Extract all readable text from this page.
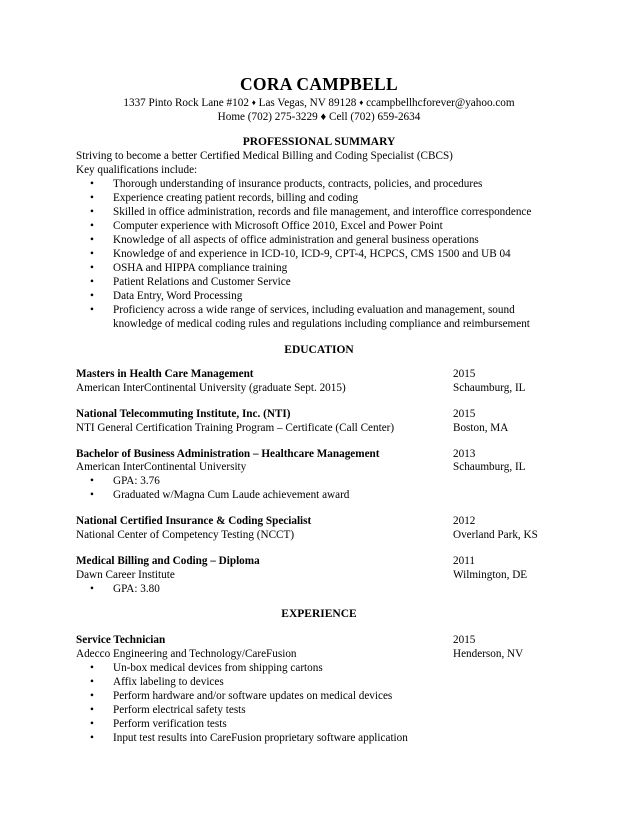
CORA CAMPBELL
1337 Pinto Rock Lane #102 ♦ Las Vegas, NV 89128 ♦ ccampbellhcforever@yahoo.com
Home (702) 275-3229 ♦ Cell (702) 659-2634
PROFESSIONAL SUMMARY
Striving to become a better Certified Medical Billing and Coding Specialist (CBCS)
Key qualifications include:
• Thorough understanding of insurance products, contracts, policies, and procedures
• Experience creating patient records, billing and coding
• Skilled in office administration, records and file management, and interoffice correspondence
• Computer experience with Microsoft Office 2010, Excel and Power Point
• Knowledge of all aspects of office administration and general business operations
• Knowledge of and experience in ICD-10, ICD-9, CPT-4, HCPCS, CMS 1500 and UB 04
• OSHA and HIPPA compliance training
• Patient Relations and Customer Service
• Data Entry, Word Processing
• Proficiency across a wide range of services, including evaluation and management, sound
knowledge of medical coding rules and regulations including compliance and reimbursement
EDUCATION
Masters in Health Care Management	2015
American InterContinental University (graduate Sept. 2015)	Schaumburg, IL
National Telecommuting Institute, Inc. (NTI)	2015
NTI General Certification Training Program – Certificate (Call Center)	Boston, MA
Bachelor of Business Administration – Healthcare Management	2013
American InterContinental University	Schaumburg, IL
• GPA: 3.76
• Graduated w/Magna Cum Laude achievement award
National Certified Insurance & Coding Specialist	2012
National Center of Competency Testing (NCCT)	Overland Park, KS
Medical Billing and Coding – Diploma	2011
Dawn Career Institute	Wilmington, DE
• GPA: 3.80
EXPERIENCE
Service Technician	2015
Adecco Engineering and Technology/CareFusion	Henderson, NV
• Un-box medical devices from shipping cartons
• Affix labeling to devices
• Perform hardware and/or software updates on medical devices
• Perform electrical safety tests
• Perform verification tests
• Input test results into CareFusion proprietary software application
